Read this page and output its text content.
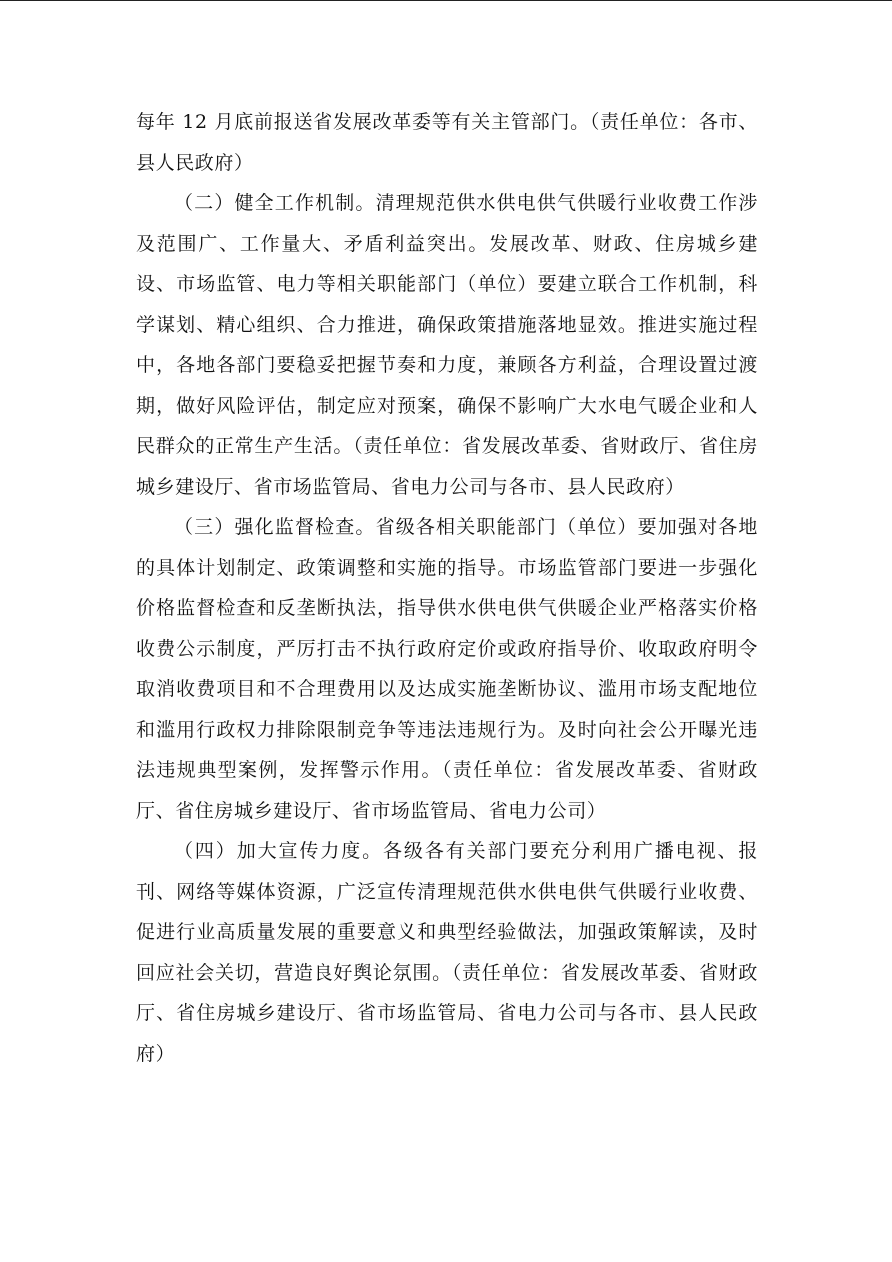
每年 12 月底前报送省发展改革委等有关主管部门。（责任单位：各市、县人民政府）

（二）健全工作机制。清理规范供水供电供气供暖行业收费工作涉及范围广、工作量大、矛盾利益突出。发展改革、财政、住房城乡建设、市场监管、电力等相关职能部门（单位）要建立联合工作机制，科学谋划、精心组织、合力推进，确保政策措施落地显效。推进实施过程中，各地各部门要稳妥把握节奏和力度，兼顾各方利益，合理设置过渡期，做好风险评估，制定应对预案，确保不影响广大水电气暖企业和人民群众的正常生产生活。（责任单位：省发展改革委、省财政厅、省住房城乡建设厅、省市场监管局、省电力公司与各市、县人民政府）

（三）强化监督检查。省级各相关职能部门（单位）要加强对各地的具体计划制定、政策调整和实施的指导。市场监管部门要进一步强化价格监督检查和反垄断执法，指导供水供电供气供暖企业严格落实价格收费公示制度，严厉打击不执行政府定价或政府指导价、收取政府明令取消收费项目和不合理费用以及达成实施垄断协议、滥用市场支配地位和滥用行政权力排除限制竞争等违法违规行为。及时向社会公开曝光违法违规典型案例，发挥警示作用。（责任单位：省发展改革委、省财政厅、省住房城乡建设厅、省市场监管局、省电力公司）

（四）加大宣传力度。各级各有关部门要充分利用广播电视、报刊、网络等媒体资源，广泛宣传清理规范供水供电供气供暖行业收费、促进行业高质量发展的重要意义和典型经验做法，加强政策解读，及时回应社会关切，营造良好舆论氛围。（责任单位：省发展改革委、省财政厅、省住房城乡建设厅、省市场监管局、省电力公司与各市、县人民政府）
